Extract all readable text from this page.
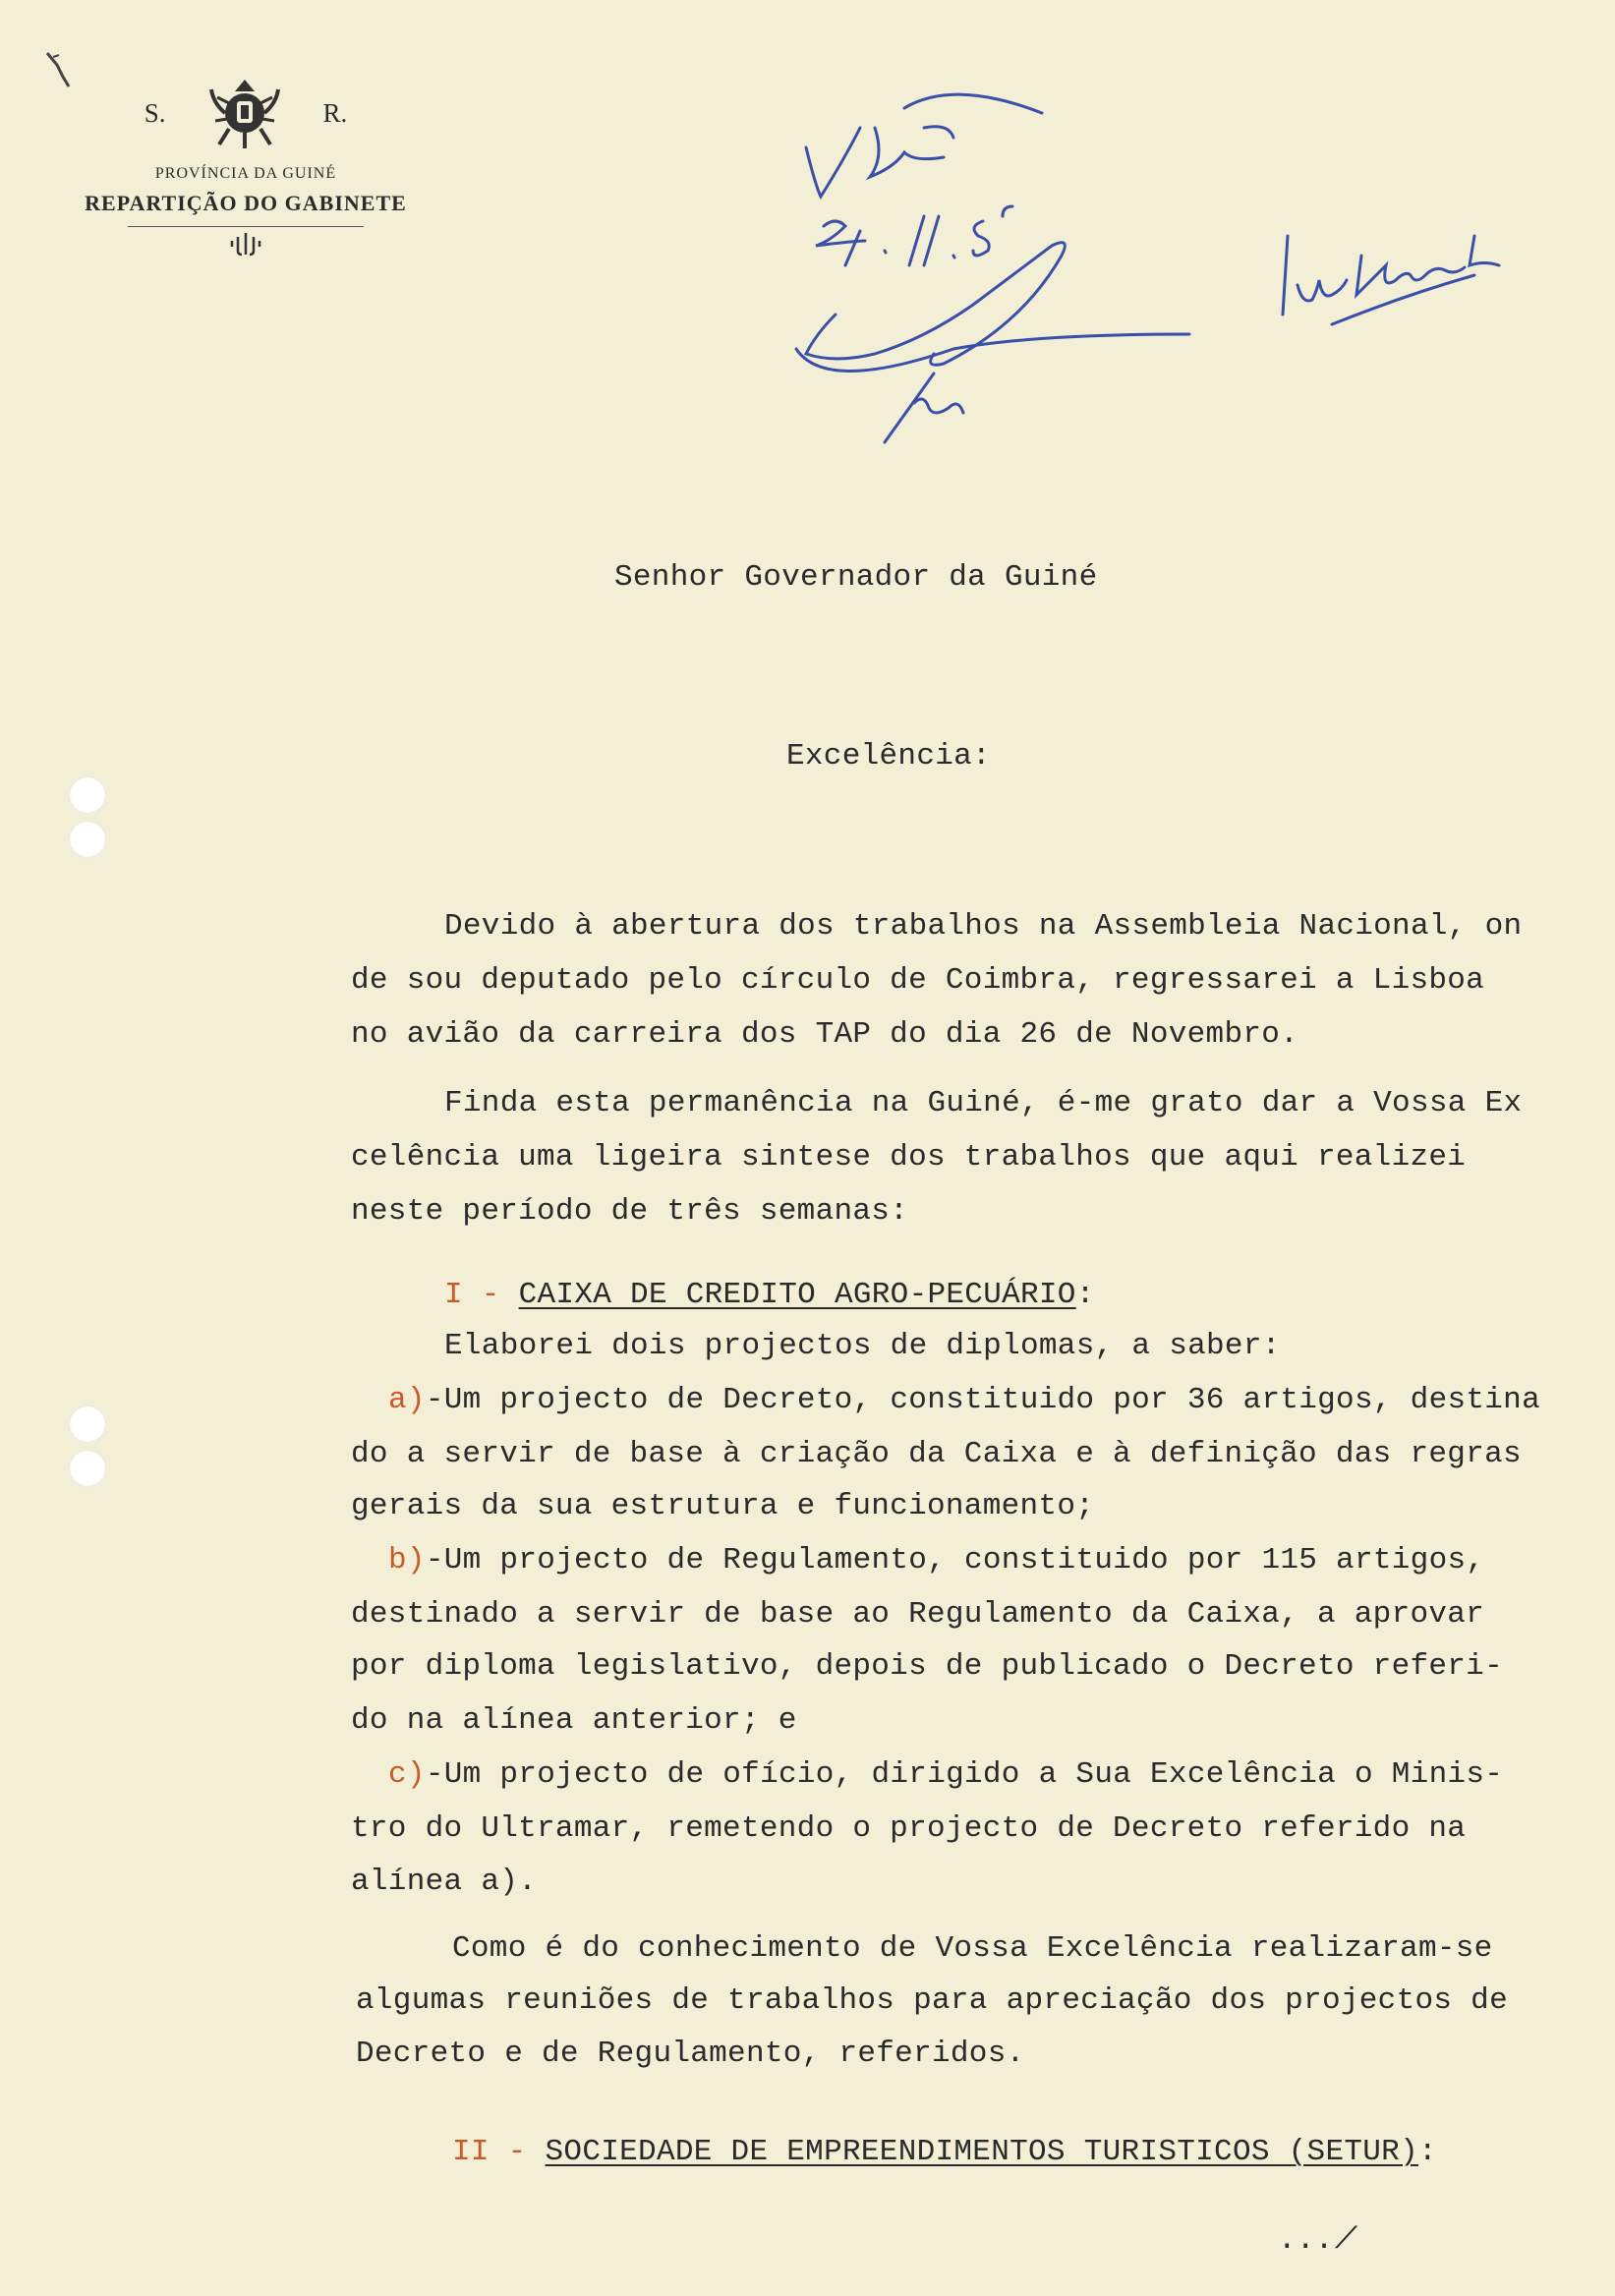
S.	R.
PROVÍNCIA DA GUINÉ
REPARTIÇÃO DO GABINETE
Senhor Governador da Guiné
Excelência:
Devido à abertura dos trabalhos na Assembleia Nacional, on
de sou deputado pelo círculo de Coimbra, regressarei a Lisboa
no avião da carreira dos TAP do dia 26 de Novembro.
Finda esta permanência na Guiné, é-me grato dar a Vossa Ex
celência uma ligeira sintese dos trabalhos que aqui realizei
neste período de três semanas:
I - CAIXA DE CREDITO AGRO-PECUÁRIO:
Elaborei dois projectos de diplomas, a saber:
a)-Um projecto de Decreto, constituido por 36 artigos, destina
do a servir de base à criação da Caixa e à definição das regras
gerais da sua estrutura e funcionamento;
b)-Um projecto de Regulamento, constituido por 115 artigos,
destinado a servir de base ao Regulamento da Caixa, a aprovar
por diploma legislativo, depois de publicado o Decreto referi-
do na alínea anterior; e
c)-Um projecto de ofício, dirigido a Sua Excelência o Minis-
tro do Ultramar, remetendo o projecto de Decreto referido na
alínea a).
Como é do conhecimento de Vossa Excelência realizaram-se
algumas reuniões de trabalhos para apreciação dos projectos de
Decreto e de Regulamento, referidos.
II - SOCIEDADE DE EMPREENDIMENTOS TURISTICOS (SETUR):
.../
